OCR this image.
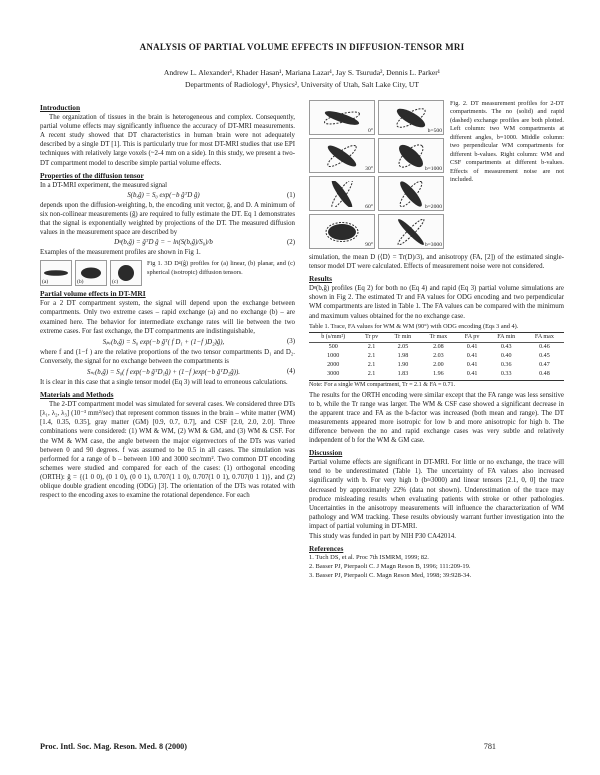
ANALYSIS OF PARTIAL VOLUME EFFECTS IN DIFFUSION-TENSOR MRI
Andrew L. Alexander¹, Khader Hasan¹, Mariana Lazar¹, Jay S. Tsuruda², Dennis L. Parker¹
Departments of Radiology¹, Physics², University of Utah, Salt Lake City, UT
Introduction

The organization of tissues in the brain is heterogeneous and complex. Consequently, partial volume effects may significantly influence the accuracy of DT-MRI measurements. A recent study showed that DT characteristics in human brain were not adequately described by a single DT [1]. This is particularly true for most DT-MRI studies that use EPI techniques with relatively large voxels (~2-4 mm on a side). In this study, we present a two-DT compartment model to describe simple partial volume effects.

Properties of the diffusion tensor

In a DT-MRI experiment, the measured signal

S(b,ĝ) = S₀ exp(−b ĝᵀD ĝ)	(1)

depends upon the diffusion-weighting, b, the encoding unit vector, ĝ, and D. A minimum of six non-collinear measurements (ĝ) are required to fully estimate the DT. Eq 1 demonstrates that the signal is exponentially weighted by projections of the DT. The measured diffusion values in the measurement space are described by

Dᵍ(b,ĝ) = ĝᵀD ĝ = − ln(S(b,ĝ)/S₀)/b	(2)

Examples of the measurement profiles are shown in Fig 1.

(a)	(b)	(c)
Fig 1. 3D Dᵍ(ĝ) profiles for (a) linear, (b) planar, and (c) spherical (isotropic) diffusion tensors.
Partial volume effects in DT-MRI

For a 2 DT compartment system, the signal will depend upon the exchange between compartments. Only two extreme cases – rapid exchange (a) and no exchange (b) – are examined here. The behavior for intermediate exchange rates will lie between the two extreme cases. For fast exchange, the DT compartments are indistinguishable,

Sₚᵥ(b,ĝ) = S₀ exp(−b ĝᵀ( f D₁ + (1−f )D₂)ĝ),	(3)

where f and (1−f ) are the relative proportions of the two tensor compartments D₁ and D₂. Conversely, the signal for no exchange between the compartments is

Sₙₑ(b,ĝ) = S₀( f exp(−b ĝᵀD₁ĝ) + (1−f )exp(−b ĝᵀD₂ĝ)).	(4)

It is clear in this case that a single tensor model (Eq 3) will lead to erroneous calculations.

Materials and Methods

The 2-DT compartment model was simulated for several cases. We considered three DTs [λ₁, λ₂, λ₃] (10⁻³ mm²/sec) that represent common tissues in the brain – white matter (WM) [1.4, 0.35, 0.35], gray matter (GM) [0.9, 0.7, 0.7], and CSF [2.0, 2.0, 2.0]. Three combinations were considered: (1) WM & WM, (2) WM & GM, and (3) WM & CSF. For the WM & WM case, the angle between the major eigenvectors of the DTs was varied between 0 and 90 degrees. f was assumed to be 0.5 in all cases. The simulation was performed for a range of b – between 100 and 3000 sec/mm². Two common DT encoding schemes were studied and compared for each of the cases: (1) orthogonal encoding (ORTH): ĝ = {(1 0 0), (0 1 0), (0 0 1), 0.707(1 1 0), 0.707(1 0 1), 0.707(0 1 1)}, and (2) oblique double gradient encoding (ODG) [3]. The orientation of the DTs was rotated with respect to the encoding axes to examine the rotational dependence. For each

0°	b=500
30°	b=1000
60°	b=2000
90°	b=3000
Fig. 2. DT measurement profiles for 2-DT compartments. The no (solid) and rapid (dashed) exchange profiles are both plotted. Left column: two WM compartments at different angles, b=1000. Middle column: two perpendicular WM compartments for different b-values. Right column: WM and CSF compartments at different b-values. Effects of measurement noise are not included.

simulation, the mean D (⟨D⟩ = Tr(D)/3), and anisotropy (FA, [2]) of the estimated single-tensor model DT were calculated. Effects of measurement noise were not considered.

Results

Dᵍ(b,ĝ) profiles (Eq 2) for both no (Eq 4) and rapid (Eq 3) partial volume simulations are shown in Fig 2. The estimated Tr and FA values for ODG encoding and two perpendicular WM compartments are listed in Table 1. The FA values can be compared with the minimum and maximum values obtained for the no exchange case.

Table 1. Trace, FA values for WM & WM (90°) with ODG encoding (Eqs 3 and 4).
b (s/mm²)	Tr pv	Tr min	Tr max	FA pv	FA min	FA max
500	2.1	2.05	2.08	0.41	0.43	0.46
1000	2.1	1.98	2.03	0.41	0.40	0.45
2000	2.1	1.90	2.00	0.41	0.36	0.47
3000	2.1	1.83	1.96	0.41	0.33	0.48
Note: For a single WM compartment, Tr = 2.1 & FA = 0.71.

The results for the ORTH encoding were similar except that the FA range was less sensitive to b, while the Tr range was larger. The WM & CSF case showed a significant decrease in the apparent trace and FA as the b-factor was increased (both mean and range). The DT measurements appeared more isotropic for low b and more anisotropic for high b. The difference between the no and rapid exchange cases was very subtle and relatively independent of b for the WM & GM case.

Discussion

Partial volume effects are significant in DT-MRI. For little or no exchange, the trace will tend to be underestimated (Table 1). The uncertainty of FA values also increased significantly with b. For very high b (b≈3000) and linear tensors [2.1, 0, 0] the trace decreased by approximately 22% (data not shown). Underestimation of the trace may produce misleading results when evaluating patients with stroke or other pathologies. Uncertainties in the anisotropy measurements will influence the characterization of WM pathology and WM tracking. These results obviously warrant further investigation into the impact of partial voluming in DT-MRI.

This study was funded in part by NIH P30 CA42014.

References

1. Tuch DS, et al. Proc 7th ISMRM, 1999; 82.

2. Basser PJ, Pierpaoli C. J Magn Reson B, 1996; 111:209-19.

3. Basser PJ, Pierpaoli C. Magn Reson Med, 1998; 39:928-34.

Proc. Intl. Soc. Mag. Reson. Med. 8 (2000)	781
